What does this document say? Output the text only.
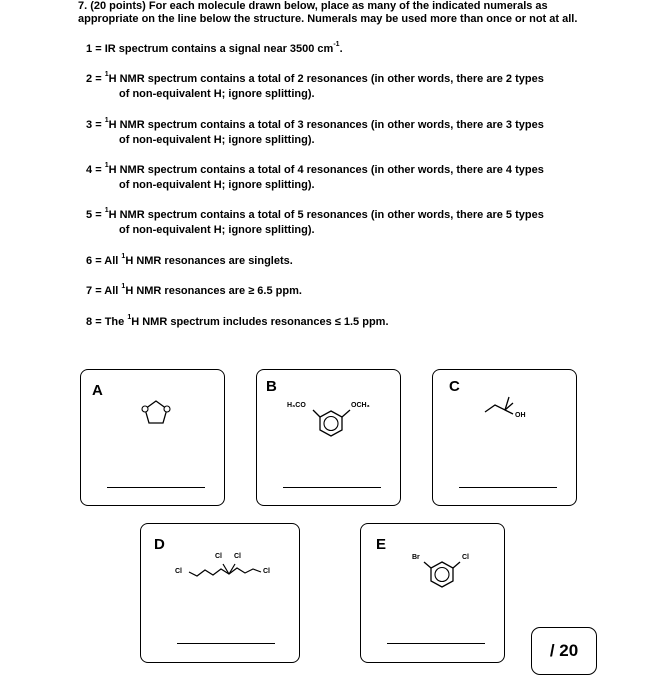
7. (20 points) For each molecule drawn below, place as many of the indicated numerals as appropriate on the line below the structure. Numerals may be used more than once or not at all.
1 = IR spectrum contains a signal near 3500 $cm^{-1}$.
2 = $^1$H NMR spectrum contains a total of 2 resonances (in other words, there are 2 types
of non-equivalent H; ignore splitting).
3 = $^1$H NMR spectrum contains a total of 3 resonances (in other words, there are 3 types
of non-equivalent H; ignore splitting).
4 = $^1$H NMR spectrum contains a total of 4 resonances (in other words, there are 4 types
of non-equivalent H; ignore splitting).
5 = $^1$H NMR spectrum contains a total of 5 resonances (in other words, there are 5 types
of non-equivalent H; ignore splitting).
6 = All $^1$H NMR resonances are singlets.
7 = All $^1$H NMR resonances are ≥ 6.5 ppm.
8 = The $^1$H NMR spectrum includes resonances ≤ 1.5 ppm.
A	B
H₃CO	OCH₃
C
OH
D
Cl Cl
Cl	Cl
E
Br	Cl
/ 20
